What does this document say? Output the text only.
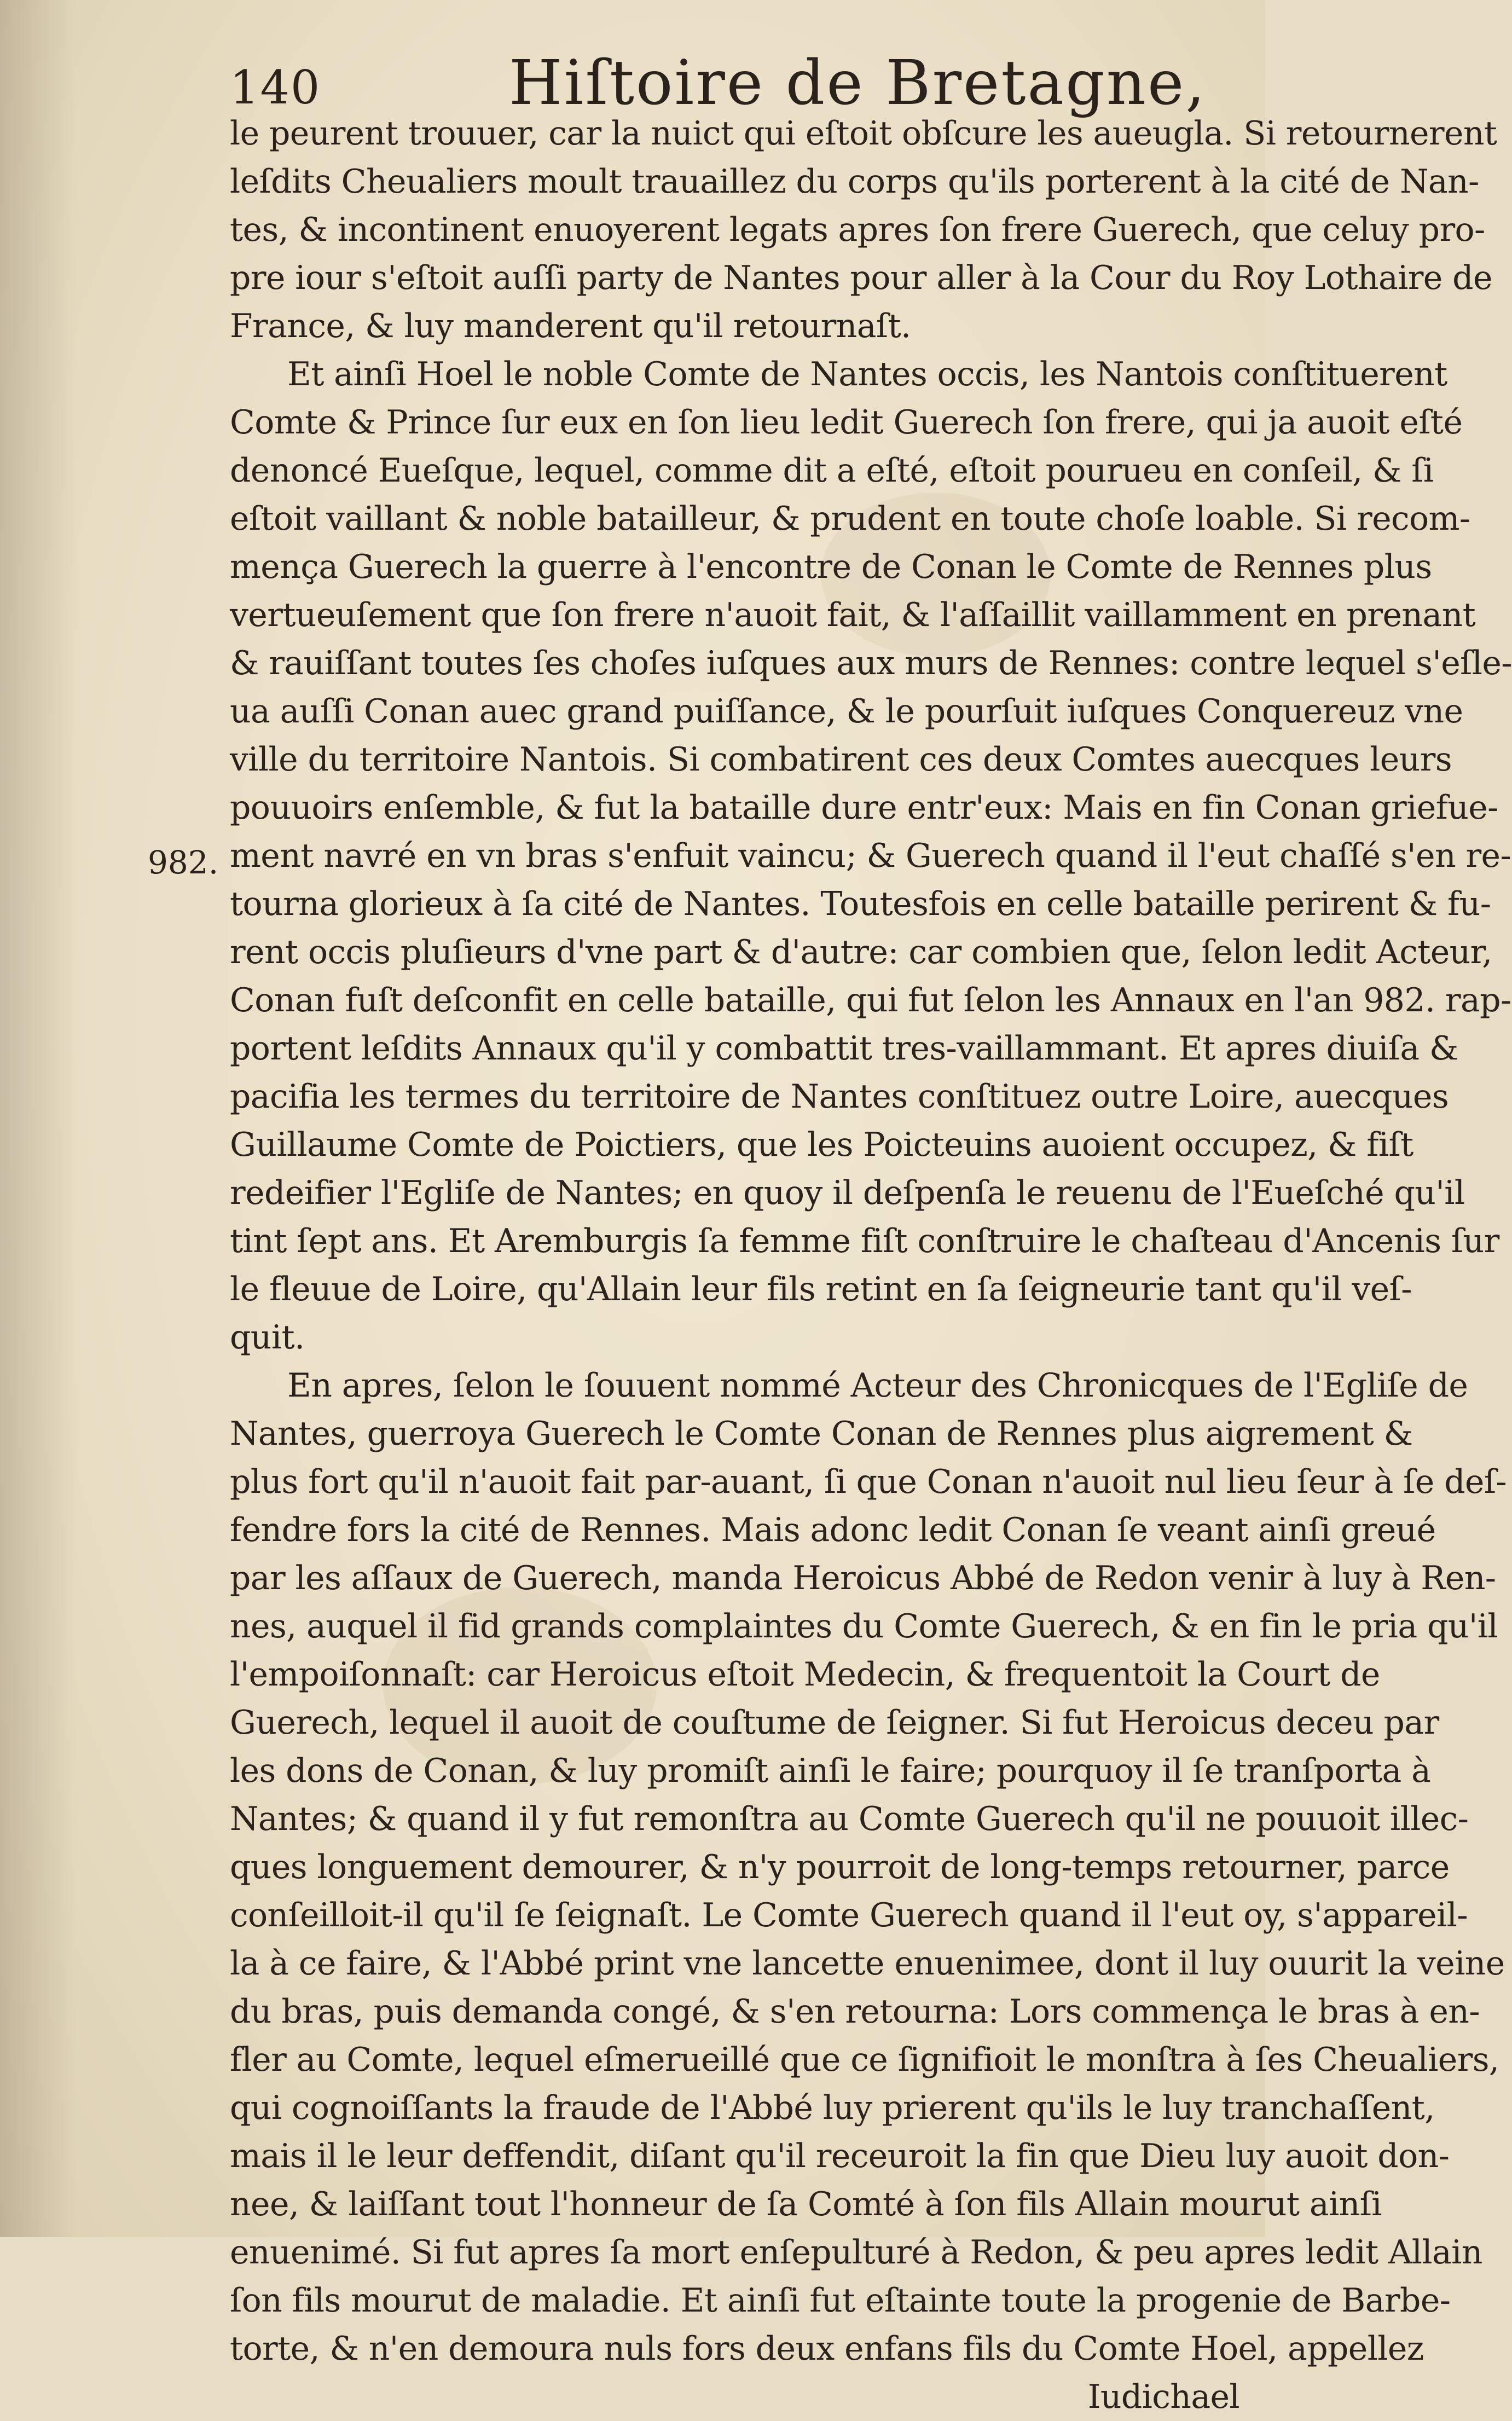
140	Hiſtoire de Bretagne,
982.
le peurent trouuer, car la nuict qui eſtoit obſcure les aueugla. Si retournerent
leſdits Cheualiers moult trauaillez du corps qu'ils porterent à la cité de Nan-
tes, & incontinent enuoyerent legats apres ſon frere Guerech, que celuy pro-
pre iour s'eſtoit auſſi party de Nantes pour aller à la Cour du Roy Lothaire de
France, & luy manderent qu'il retournaſt.
Et ainſi Hoel le noble Comte de Nantes occis, les Nantois conſtituerent
Comte & Prince ſur eux en ſon lieu ledit Guerech ſon frere, qui ja auoit eſté
denoncé Eueſque, lequel, comme dit a eſté, eſtoit pourueu en conſeil, & ſi
eſtoit vaillant & noble batailleur, & prudent en toute choſe loable. Si recom-
mença Guerech la guerre à l'encontre de Conan le Comte de Rennes plus
vertueuſement que ſon frere n'auoit fait, & l'aſſaillit vaillamment en prenant
& rauiſſant toutes ſes choſes iuſques aux murs de Rennes: contre lequel s'eſle-
ua auſſi Conan auec grand puiſſance, & le pourſuit iuſques Conquereuz vne
ville du territoire Nantois. Si combatirent ces deux Comtes auecques leurs
pouuoirs enſemble, & fut la bataille dure entr'eux: Mais en fin Conan griefue-
ment navré en vn bras s'enfuit vaincu; & Guerech quand il l'eut chaſſé s'en re-
tourna glorieux à ſa cité de Nantes. Toutesfois en celle bataille perirent & fu-
rent occis pluſieurs d'vne part & d'autre: car combien que, ſelon ledit Acteur,
Conan fuſt deſconfit en celle bataille, qui fut ſelon les Annaux en l'an 982. rap-
portent leſdits Annaux qu'il y combattit tres-vaillammant. Et apres diuiſa &
pacifia les termes du territoire de Nantes conſtituez outre Loire, auecques
Guillaume Comte de Poictiers, que les Poicteuins auoient occupez, & fiſt
redeifier l'Egliſe de Nantes; en quoy il deſpenſa le reuenu de l'Eueſché qu'il
tint ſept ans. Et Aremburgis ſa femme fiſt conſtruire le chaſteau d'Ancenis ſur
le fleuue de Loire, qu'Allain leur fils retint en ſa ſeigneurie tant qu'il veſ-
quit.
En apres, ſelon le ſouuent nommé Acteur des Chronicques de l'Egliſe de
Nantes, guerroya Guerech le Comte Conan de Rennes plus aigrement &
plus fort qu'il n'auoit fait par-auant, ſi que Conan n'auoit nul lieu ſeur à ſe deſ-
fendre fors la cité de Rennes. Mais adonc ledit Conan ſe veant ainſi greué
par les aſſaux de Guerech, manda Heroicus Abbé de Redon venir à luy à Ren-
nes, auquel il fid grands complaintes du Comte Guerech, & en fin le pria qu'il
l'empoiſonnaſt: car Heroicus eſtoit Medecin, & frequentoit la Court de
Guerech, lequel il auoit de couſtume de ſeigner. Si fut Heroicus deceu par
les dons de Conan, & luy promiſt ainſi le faire; pourquoy il ſe tranſporta à
Nantes; & quand il y fut remonſtra au Comte Guerech qu'il ne pouuoit illec-
ques longuement demourer, & n'y pourroit de long-temps retourner, parce
conſeilloit-il qu'il ſe ſeignaſt. Le Comte Guerech quand il l'eut oy, s'appareil-
la à ce faire, & l'Abbé print vne lancette enuenimee, dont il luy ouurit la veine
du bras, puis demanda congé, & s'en retourna: Lors commença le bras à en-
fler au Comte, lequel eſmerueillé que ce ſignifioit le monſtra à ſes Cheualiers,
qui cognoiſſants la fraude de l'Abbé luy prierent qu'ils le luy tranchaſſent,
mais il le leur deffendit, diſant qu'il receuroit la fin que Dieu luy auoit don-
nee, & laiſſant tout l'honneur de ſa Comté à ſon fils Allain mourut ainſi
enuenimé. Si fut apres ſa mort enſepulturé à Redon, & peu apres ledit Allain
ſon fils mourut de maladie. Et ainſi fut eſtainte toute la progenie de Barbe-
torte, & n'en demoura nuls fors deux enfans fils du Comte Hoel, appellez
Iudichael
